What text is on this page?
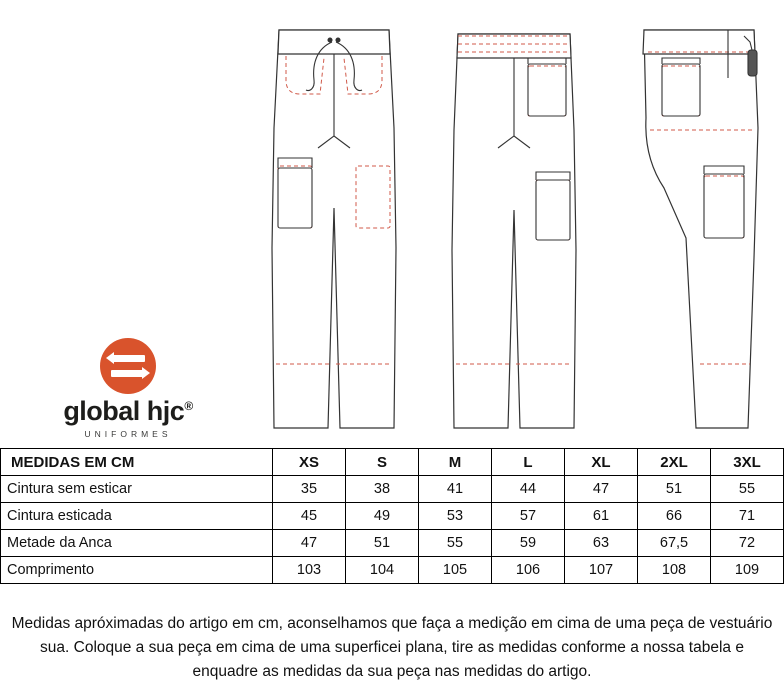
global hjc®
UNIFORMES
MEDIDAS EM CM	XS	S	M	L	XL	2XL	3XL
Cintura sem esticar	35	38	41	44	47	51	55
Cintura esticada	45	49	53	57	61	66	71
Metade da Anca	47	51	55	59	63	67,5	72
Comprimento	103	104	105	106	107	108	109
Medidas apróximadas do artigo em cm, aconselhamos que faça a medição em cima de uma peça de vestuário sua. Coloque a sua peça em cima de uma superficei plana, tire as medidas conforme a nossa tabela e enquadre as medidas da sua peça nas medidas do artigo.
